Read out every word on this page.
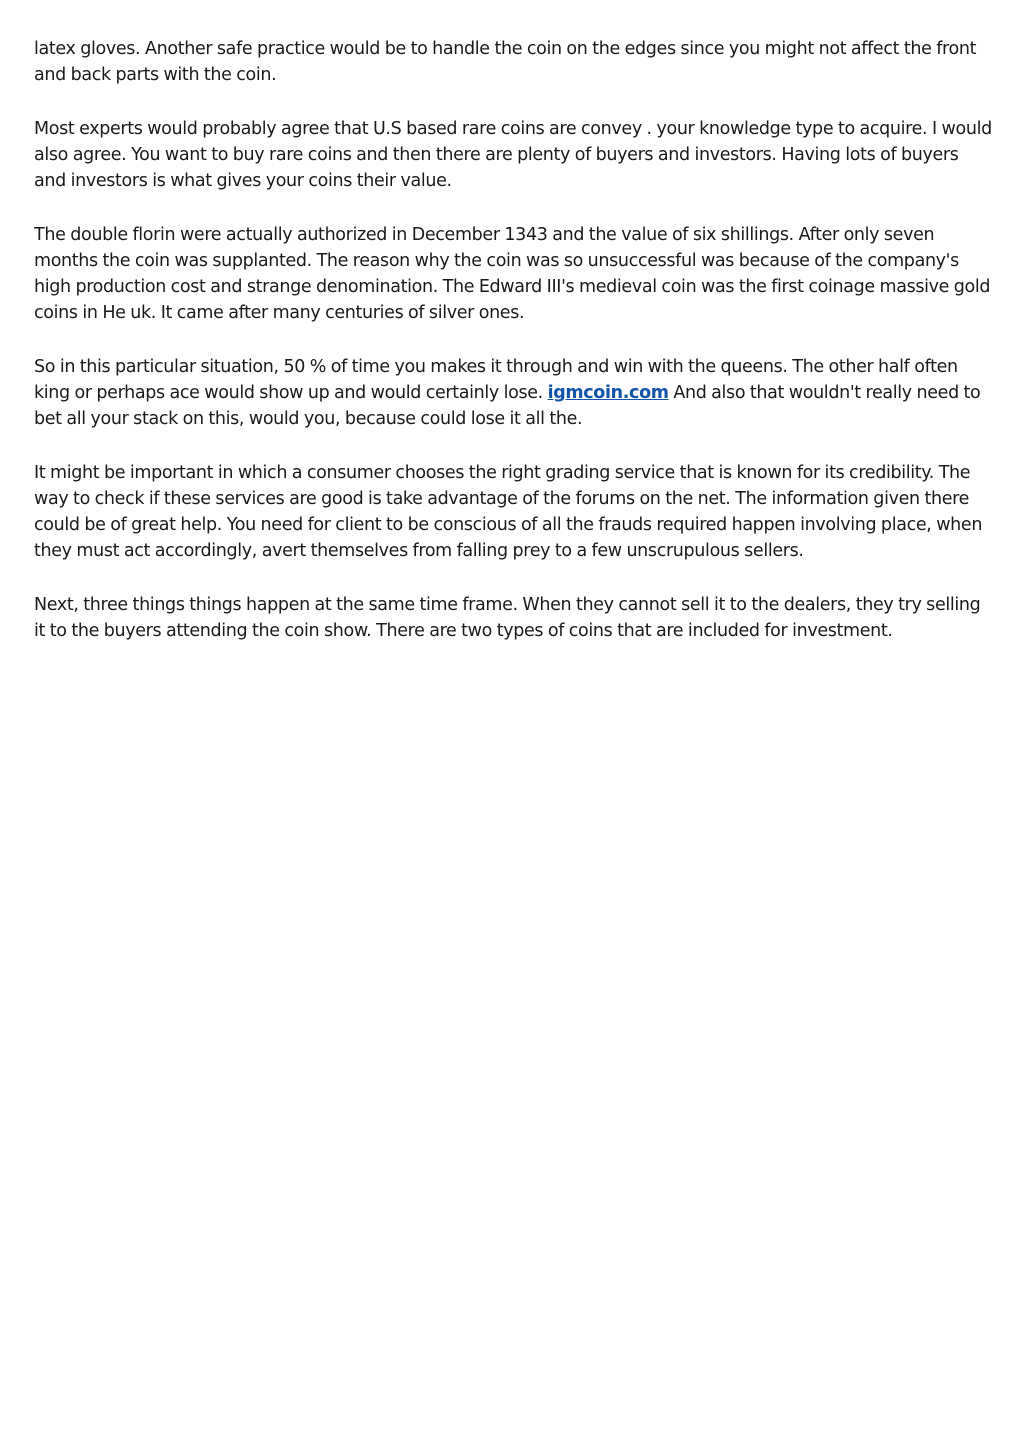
latex gloves. Another safe practice would be to handle the coin on the edges since you might not affect the front and back parts with the coin.

Most experts would probably agree that U.S based rare coins are convey . your knowledge type to acquire. I would also agree. You want to buy rare coins and then there are plenty of buyers and investors. Having lots of buyers and investors is what gives your coins their value.

The double florin were actually authorized in December 1343 and the value of six shillings. After only seven months the coin was supplanted. The reason why the coin was so unsuccessful was because of the company's high production cost and strange denomination. The Edward III's medieval coin was the first coinage massive gold coins in He uk. It came after many centuries of silver ones.

So in this particular situation, 50 % of time you makes it through and win with the queens. The other half often king or perhaps ace would show up and would certainly lose. igmcoin.com And also that wouldn't really need to bet all your stack on this, would you, because could lose it all the.

It might be important in which a consumer chooses the right grading service that is known for its credibility. The way to check if these services are good is take advantage of the forums on the net. The information given there could be of great help. You need for client to be conscious of all the frauds required happen involving place, when they must act accordingly, avert themselves from falling prey to a few unscrupulous sellers.

Next, three things things happen at the same time frame. When they cannot sell it to the dealers, they try selling it to the buyers attending the coin show. There are two types of coins that are included for investment.
